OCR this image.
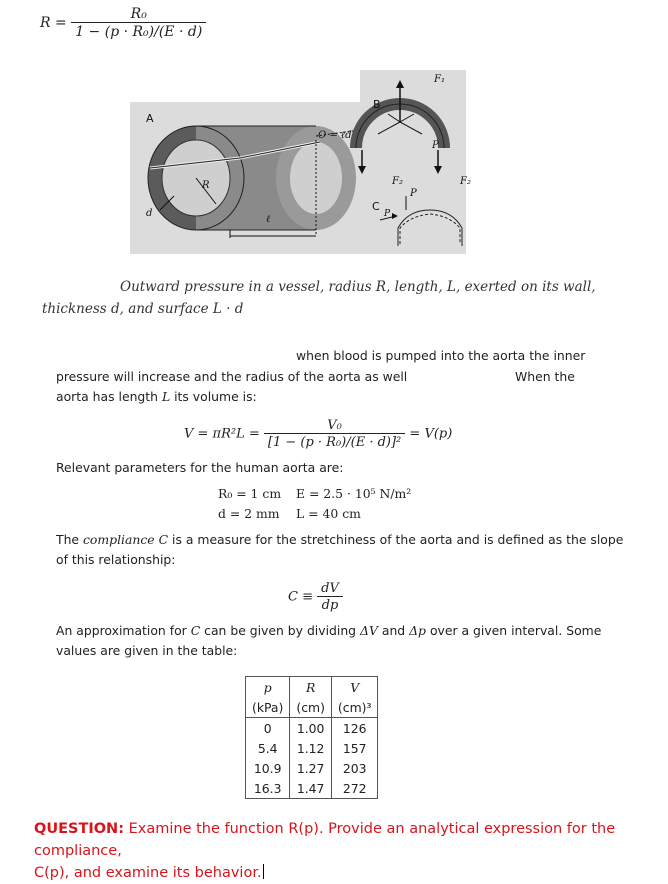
$R = \frac{\text{R₀}}{\text{1 − (p · R₀)/(E · d)}}$
A
B
C
O = ℓd
R
d
ℓ
F₁
F₂	F₂
P
P
P
Outward pressure in a vessel, radius R, length, L, exerted on its wall,
thickness d, and surface L · d
when blood is pumped into the aorta the inner
pressure will increase and the radius of the aorta as well	When the
aorta has length L its volume is:
$V = \pi R^2L = \frac{\text{V₀}}{\text{[1 − (p · R₀)/(E · d)]²}} = V(p)$
Relevant parameters for the human aorta are:
R₀ = 1 cm E = 2.5 · 10⁵ N/m²
d = 2 mm L = 40 cm
The compliance C is a measure for the stretchiness of the aorta and is defined as the slope
of this relationship:
$C \equiv \frac{dV}{dp}$
An approximation for C can be given by dividing ΔV and Δp over a given interval. Some
values are given in the table:
p	R	V
(kPa)	(cm)	(cm)³
0	1.00	126
5.4	1.12	157
10.9	1.27	203
16.3	1.47	272
QUESTION: Examine the function R(p). Provide an analytical expression for the compliance,
C(p), and examine its behavior.
